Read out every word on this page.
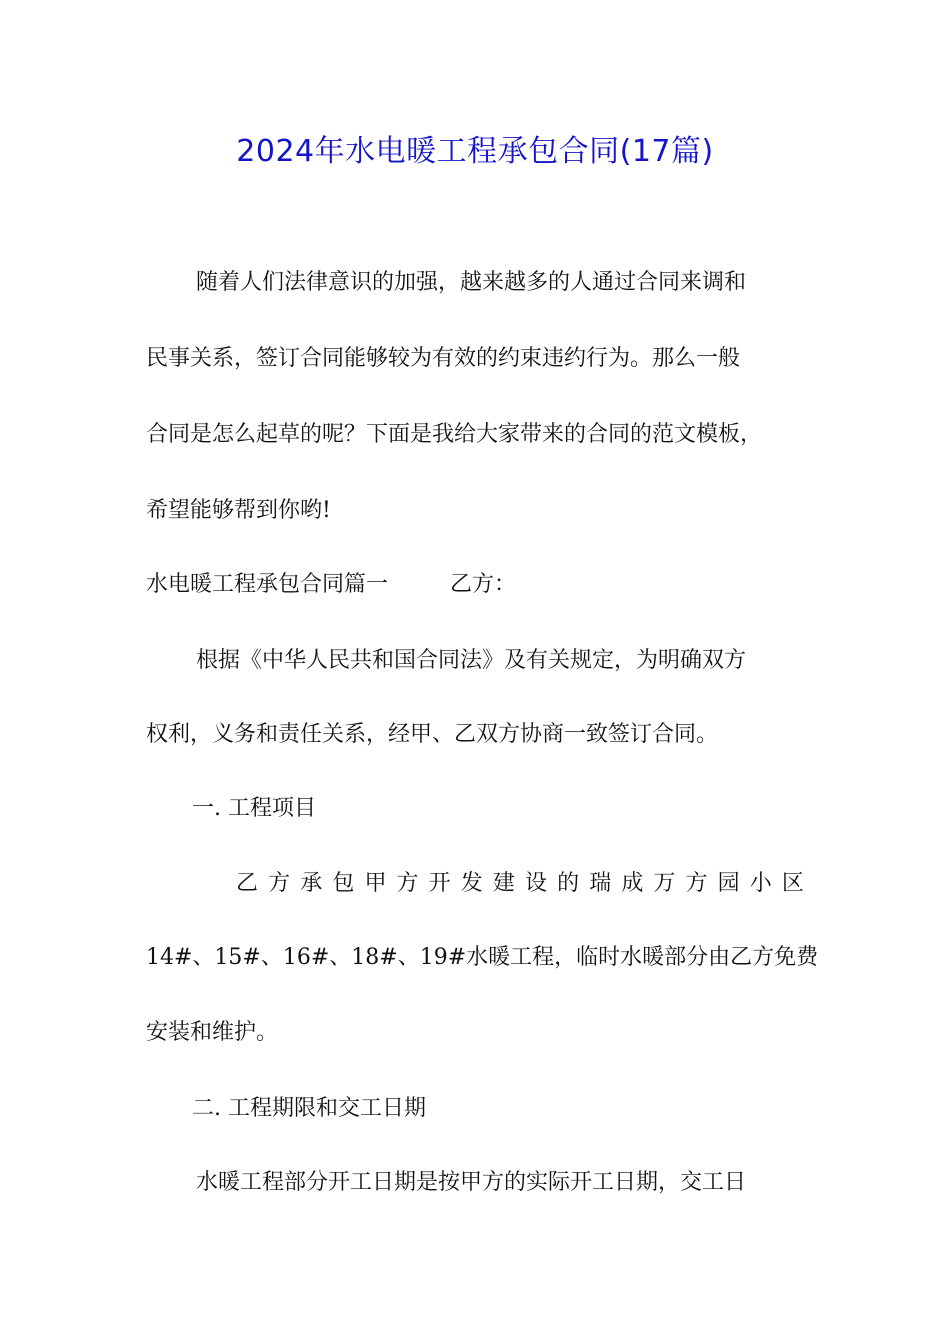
2024年水电暖工程承包合同(17篇)
随着人们法律意识的加强，越来越多的人通过合同来调和
民事关系，签订合同能够较为有效的约束违约行为。那么一般
合同是怎么起草的呢？下面是我给大家带来的合同的范文模板，
希望能够帮到你哟!
水电暖工程承包合同篇一	乙方：
根据《中华人民共和国合同法》及有关规定，为明确双方
权利，义务和责任关系，经甲、乙双方协商一致签订合同。
一. 工程项目
乙 方 承 包 甲 方 开 发 建 设 的 瑞 成 万 方 园 小 区
14#、15#、16#、18#、19#水暖工程，临时水暖部分由乙方免费
安装和维护。
二. 工程期限和交工日期
水暖工程部分开工日期是按甲方的实际开工日期，交工日
